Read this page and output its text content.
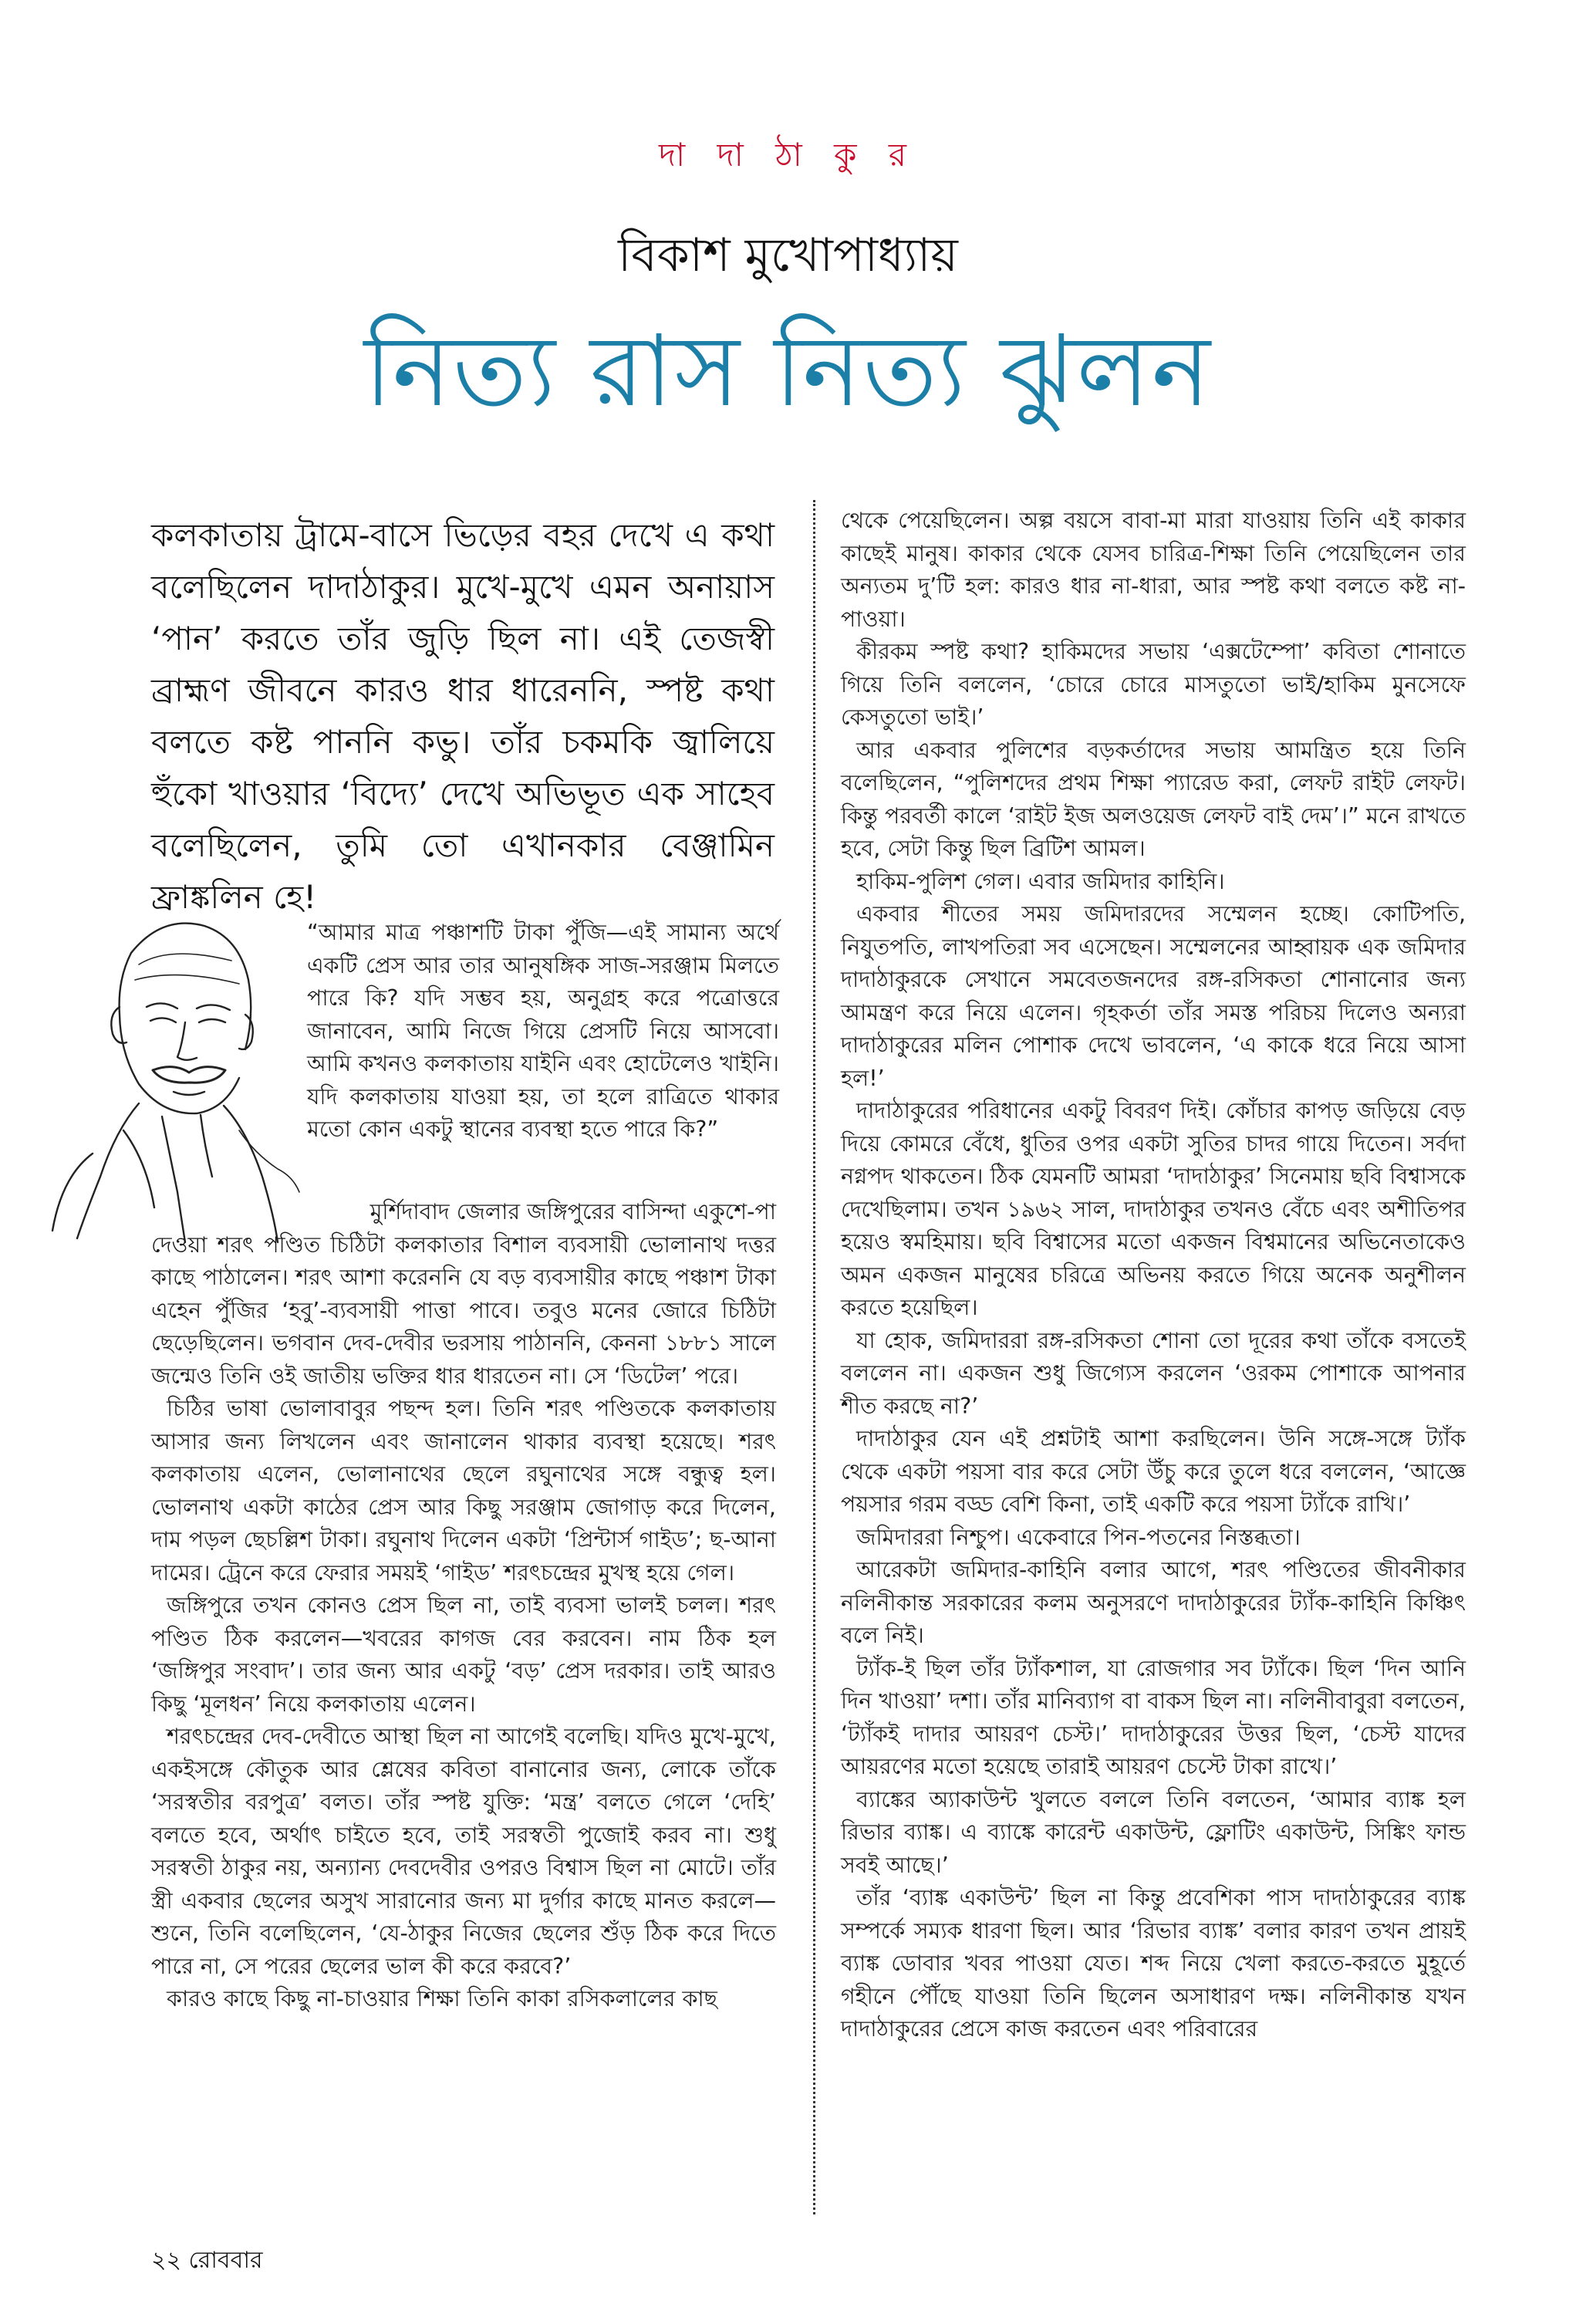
দা দা ঠা কু র
বিকাশ মুখোপাধ্যায়
নিত্য রাস নিত্য ঝুলন
কলকাতায় ট্রামে-বাসে ভিড়ের বহর দেখে এ কথা বলেছিলেন দাদাঠাকুর। মুখে-মুখে এমন অনায়াস ‘পান’ করতে তাঁর জুড়ি ছিল না। এই তেজস্বী ব্রাহ্মণ জীবনে কারও ধার ধারেননি, স্পষ্ট কথা বলতে কষ্ট পাননি কভু। তাঁর চকমকি জ্বালিয়ে হুঁকো খাওয়ার ‘বিদ্যে’ দেখে অভিভূত এক সাহেব বলেছিলেন, তুমি তো এখানকার বেঞ্জামিন ফ্রাঙ্কলিন হে!

“আমার মাত্র পঞ্চাশটি টাকা পুঁজি—এই সামান্য অর্থে একটি প্রেস আর তার আনুষঙ্গিক সাজ-সরঞ্জাম মিলতে পারে কি? যদি সম্ভব হয়, অনুগ্রহ করে পত্রোত্তরে জানাবেন, আমি নিজে গিয়ে প্রেসটি নিয়ে আসবো। আমি কখনও কলকাতায় যাইনি এবং হোটেলেও খাইনি। যদি কলকাতায় যাওয়া হয়, তা হলে রাত্রিতে থাকার মতো কোন একটু স্থানের ব্যবস্থা হতে পারে কি?”

মুর্শিদাবাদ জেলার জঙ্গিপুরের বাসিন্দা একুশে-পা

দেওয়া শরৎ পণ্ডিত চিঠিটা কলকাতার বিশাল ব্যবসায়ী ভোলানাথ দত্তর কাছে পাঠালেন। শরৎ আশা করেননি যে বড় ব্যবসায়ীর কাছে পঞ্চাশ টাকা এহেন পুঁজির ‘হবু’-ব্যবসায়ী পাত্তা পাবে। তবুও মনের জোরে চিঠিটা ছেড়েছিলেন। ভগবান দেব-দেবীর ভরসায় পাঠাননি, কেননা ১৮৮১ সালে জন্মেও তিনি ওই জাতীয় ভক্তির ধার ধারতেন না। সে ‘ডিটেল’ পরে।

চিঠির ভাষা ভোলাবাবুর পছন্দ হল। তিনি শরৎ পণ্ডিতকে কলকাতায় আসার জন্য লিখলেন এবং জানালেন থাকার ব্যবস্থা হয়েছে। শরৎ কলকাতায় এলেন, ভোলানাথের ছেলে রঘুনাথের সঙ্গে বন্ধুত্ব হল। ভোলনাথ একটা কাঠের প্রেস আর কিছু সরঞ্জাম জোগাড় করে দিলেন, দাম পড়ল ছেচল্লিশ টাকা। রঘুনাথ দিলেন একটা ‘প্রিন্টার্স গাইড’; ছ-আনা দামের। ট্রেনে করে ফেরার সময়ই ‘গাইড’ শরৎচন্দ্রের মুখস্থ হয়ে গেল।

জঙ্গিপুরে তখন কোনও প্রেস ছিল না, তাই ব্যবসা ভালই চলল। শরৎ পণ্ডিত ঠিক করলেন—খবরের কাগজ বের করবেন। নাম ঠিক হল ‘জঙ্গিপুর সংবাদ’। তার জন্য আর একটু ‘বড়’ প্রেস দরকার। তাই আরও কিছু ‘মূলধন’ নিয়ে কলকাতায় এলেন।

শরৎচন্দ্রের দেব-দেবীতে আস্থা ছিল না আগেই বলেছি। যদিও মুখে-মুখে, একইসঙ্গে কৌতুক আর শ্লেষের কবিতা বানানোর জন্য, লোকে তাঁকে ‘সরস্বতীর বরপুত্র’ বলত। তাঁর স্পষ্ট যুক্তি: ‘মন্ত্র’ বলতে গেলে ‘দেহি’ বলতে হবে, অর্থাৎ চাইতে হবে, তাই সরস্বতী পুজোই করব না। শুধু সরস্বতী ঠাকুর নয়, অন্যান্য দেবদেবীর ওপরও বিশ্বাস ছিল না মোটে। তাঁর স্ত্রী একবার ছেলের অসুখ সারানোর জন্য মা দুর্গার কাছে মানত করলে—শুনে, তিনি বলেছিলেন, ‘যে-ঠাকুর নিজের ছেলের শুঁড় ঠিক করে দিতে পারে না, সে পরের ছেলের ভাল কী করে করবে?’

কারও কাছে কিছু না-চাওয়ার শিক্ষা তিনি কাকা রসিকলালের কাছ

থেকে পেয়েছিলেন। অল্প বয়সে বাবা-মা মারা যাওয়ায় তিনি এই কাকার কাছেই মানুষ। কাকার থেকে যেসব চারিত্র-শিক্ষা তিনি পেয়েছিলেন তার অন্যতম দু’টি হল: কারও ধার না-ধারা, আর স্পষ্ট কথা বলতে কষ্ট না-পাওয়া।

কীরকম স্পষ্ট কথা? হাকিমদের সভায় ‘এক্সটেম্পো’ কবিতা শোনাতে গিয়ে তিনি বললেন, ‘চোরে চোরে মাসতুতো ভাই/হাকিম মুনসেফে কেসতুতো ভাই।’

আর একবার পুলিশের বড়কর্তাদের সভায় আমন্ত্রিত হয়ে তিনি বলেছিলেন, “পুলিশদের প্রথম শিক্ষা প্যারেড করা, লেফট রাইট লেফট। কিন্তু পরবর্তী কালে ‘রাইট ইজ অলওয়েজ লেফট বাই দেম’।” মনে রাখতে হবে, সেটা কিন্তু ছিল ব্রিটিশ আমল।

হাকিম-পুলিশ গেল। এবার জমিদার কাহিনি।

একবার শীতের সময় জমিদারদের সম্মেলন হচ্ছে। কোটিপতি, নিযুতপতি, লাখপতিরা সব এসেছেন। সম্মেলনের আহ্বায়ক এক জমিদার দাদাঠাকুরকে সেখানে সমবেতজনদের রঙ্গ-রসিকতা শোনানোর জন্য আমন্ত্রণ করে নিয়ে এলেন। গৃহকর্তা তাঁর সমস্ত পরিচয় দিলেও অন্যরা দাদাঠাকুরের মলিন পোশাক দেখে ভাবলেন, ‘এ কাকে ধরে নিয়ে আসা হল!’

দাদাঠাকুরের পরিধানের একটু বিবরণ দিই। কোঁচার কাপড় জড়িয়ে বেড় দিয়ে কোমরে বেঁধে, ধুতির ওপর একটা সুতির চাদর গায়ে দিতেন। সর্বদা নগ্নপদ থাকতেন। ঠিক যেমনটি আমরা ‘দাদাঠাকুর’ সিনেমায় ছবি বিশ্বাসকে দেখেছিলাম। তখন ১৯৬২ সাল, দাদাঠাকুর তখনও বেঁচে এবং অশীতিপর হয়েও স্বমহিমায়। ছবি বিশ্বাসের মতো একজন বিশ্বমানের অভিনেতাকেও অমন একজন মানুষের চরিত্রে অভিনয় করতে গিয়ে অনেক অনুশীলন করতে হয়েছিল।

যা হোক, জমিদাররা রঙ্গ-রসিকতা শোনা তো দূরের কথা তাঁকে বসতেই বললেন না। একজন শুধু জিগ্যেস করলেন ‘ওরকম পোশাকে আপনার শীত করছে না?’

দাদাঠাকুর যেন এই প্রশ্নটাই আশা করছিলেন। উনি সঙ্গে-সঙ্গে ট্যাঁক থেকে একটা পয়সা বার করে সেটা উঁচু করে তুলে ধরে বললেন, ‘আজ্ঞে পয়সার গরম বড্ড বেশি কিনা, তাই একটি করে পয়সা ট্যাঁকে রাখি।’

জমিদাররা নিশ্চুপ। একেবারে পিন-পতনের নিস্তব্ধতা।

আরেকটা জমিদার-কাহিনি বলার আগে, শরৎ পণ্ডিতের জীবনীকার নলিনীকান্ত সরকারের কলম অনুসরণে দাদাঠাকুরের ট্যাঁক-কাহিনি কিঞ্চিৎ বলে নিই।

ট্যাঁক-ই ছিল তাঁর ট্যাঁকশাল, যা রোজগার সব ট্যাঁকে। ছিল ‘দিন আনি দিন খাওয়া’ দশা। তাঁর মানিব্যাগ বা বাকস ছিল না। নলিনীবাবুরা বলতেন, ‘ট্যাঁকই দাদার আয়রণ চেস্ট।’ দাদাঠাকুরের উত্তর ছিল, ‘চেস্ট যাদের আয়রণের মতো হয়েছে তারাই আয়রণ চেস্টে টাকা রাখে।’

ব্যাঙ্কের অ্যাকাউন্ট খুলতে বললে তিনি বলতেন, ‘আমার ব্যাঙ্ক হল রিভার ব্যাঙ্ক। এ ব্যাঙ্কে কারেন্ট একাউন্ট, ফ্লোটিং একাউন্ট, সিঙ্কিং ফান্ড সবই আছে।’

তাঁর ‘ব্যাঙ্ক একাউন্ট’ ছিল না কিন্তু প্রবেশিকা পাস দাদাঠাকুরের ব্যাঙ্ক সম্পর্কে সম্যক ধারণা ছিল। আর ‘রিভার ব্যাঙ্ক’ বলার কারণ তখন প্রায়ই ব্যাঙ্ক ডোবার খবর পাওয়া যেত। শব্দ নিয়ে খেলা করতে-করতে মুহূর্তে গহীনে পৌঁছে যাওয়া তিনি ছিলেন অসাধারণ দক্ষ। নলিনীকান্ত যখন দাদাঠাকুরের প্রেসে কাজ করতেন এবং পরিবারের

২২ রোববার
